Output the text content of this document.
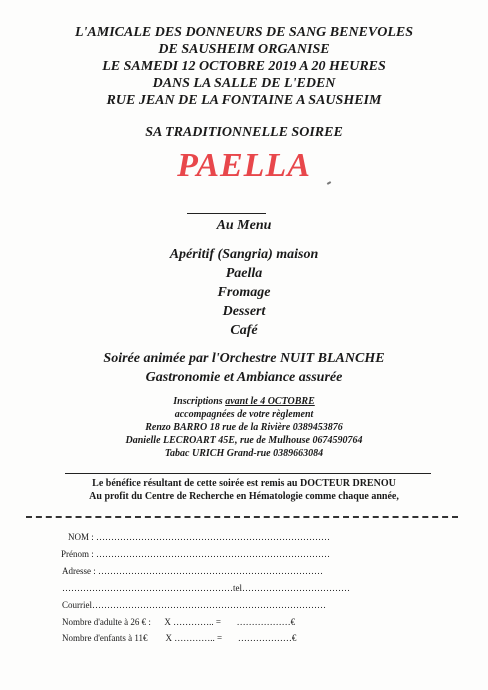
L'AMICALE DES DONNEURS DE SANG BENEVOLES
DE SAUSHEIM ORGANISE
LE SAMEDI 12 OCTOBRE 2019 A 20 HEURES
DANS LA SALLE DE L'EDEN
RUE JEAN DE LA FONTAINE A SAUSHEIM
SA TRADITIONNELLE SOIREE
PAELLA
Au Menu
Apéritif (Sangria) maison
Paella
Fromage
Dessert
Café
Soirée animée par l'Orchestre NUIT BLANCHE
Gastronomie et Ambiance assurée
Inscriptions avant le 4 OCTOBRE
accompagnées de votre règlement
Renzo BARRO 18 rue de la Rivière 0389453876
Danielle LECROART 45E, rue de Mulhouse 0674590764
Tabac URICH Grand-rue 0389663084
Le bénéfice résultant de cette soirée est remis au DOCTEUR DRENOU
Au profit du Centre de Recherche en Hématologie comme chaque année,
NOM : ……………………………………………………………………
Prénom : ……………………………………………………………………
Adresse : …………………………………………………………………
…………………………………………………tel………………………………
Courriel……………………………………………………………………
Nombre d'adulte à 26 € :      X ………….. =       ………………€
Nombre d'enfants à 11€        X ………….. =       ………………€
